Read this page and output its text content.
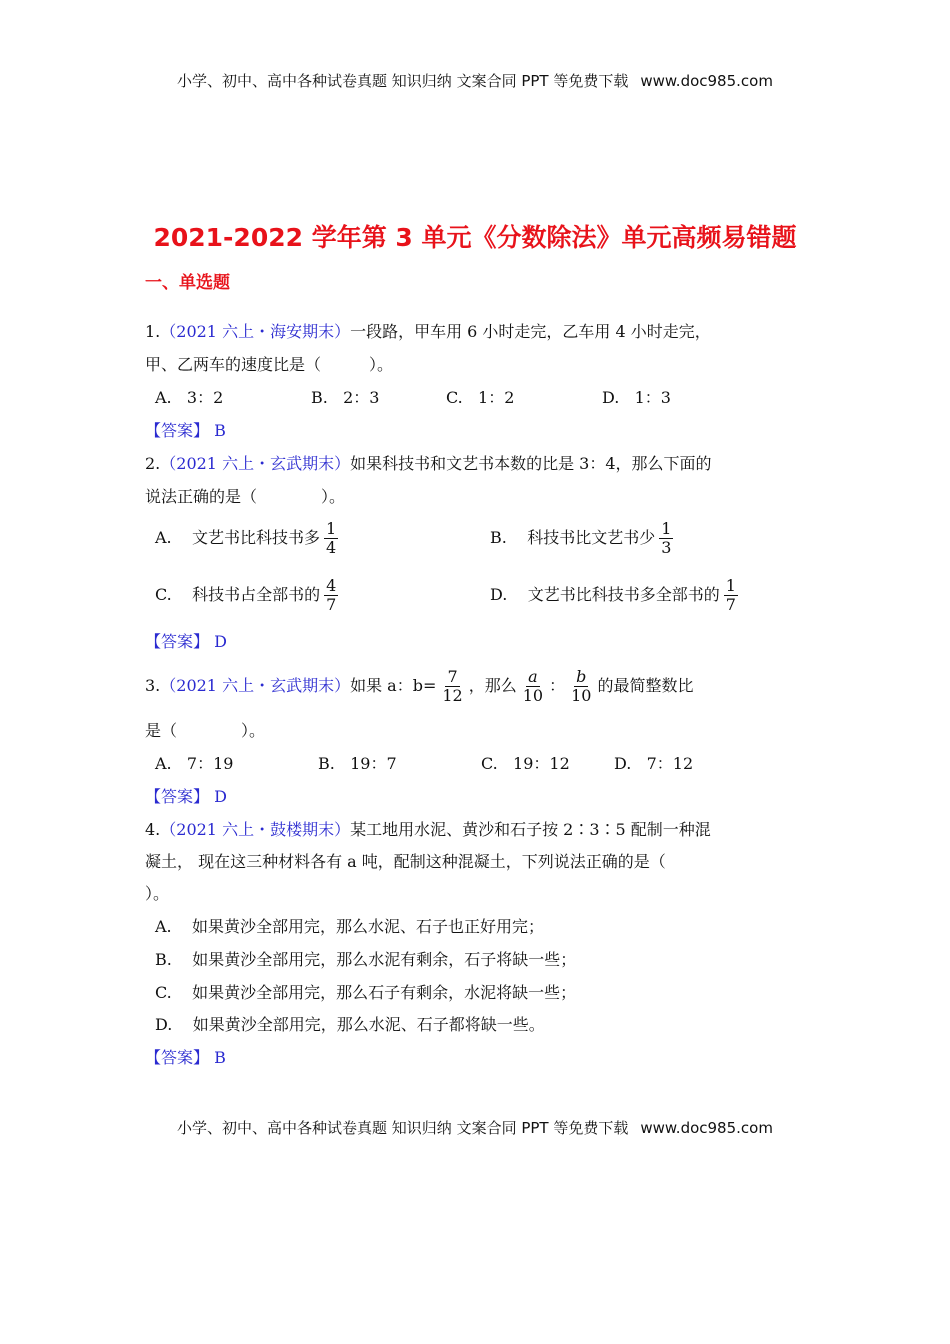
小学、初中、高中各种试卷真题 知识归纳 文案合同 PPT 等免费下载 www.doc985.com
2021-2022 学年第 3 单元《分数除法》单元高频易错题
一、单选题
1.（2021 六上・海安期末）一段路，甲车用 6 小时走完，乙车用 4 小时走完，
甲、乙两车的速度比是（　　　）。
A. 3：2	B. 2：3	C. 1：2	D. 1：3
【答案】 B
2.（2021 六上・玄武期末）如果科技书和文艺书本数的比是 3：4，那么下面的
说法正确的是（　　　　）。
A. 文艺书比科技书多 $\frac{1}{4}$	B. 科技书比文艺书少 $\frac{1}{3}$
C. 科技书占全部书的 $\frac{4}{7}$	D. 文艺书比科技书多全部书的 $\frac{1}{7}$
【答案】 D
3.（2021 六上・玄武期末）如果 a：$b= \frac{7}{12}$ ，那么 $\frac{a}{10}$ ： $\frac{b}{10}$ 的最简整数比
是（　　　　）。
A. 7：19	B. 19：7	C. 19：12	D. 7：12
【答案】 D
4.（2021 六上・鼓楼期末）某工地用水泥、黄沙和石子按 2∶3∶5 配制一种混
凝土， 现在这三种材料各有 a 吨，配制这种混凝土，下列说法正确的是（
）。
A. 如果黄沙全部用完，那么水泥、石子也正好用完；
B. 如果黄沙全部用完，那么水泥有剩余，石子将缺一些；
C. 如果黄沙全部用完，那么石子有剩余，水泥将缺一些；
D. 如果黄沙全部用完，那么水泥、石子都将缺一些。
【答案】 B
小学、初中、高中各种试卷真题 知识归纳 文案合同 PPT 等免费下载 www.doc985.com
